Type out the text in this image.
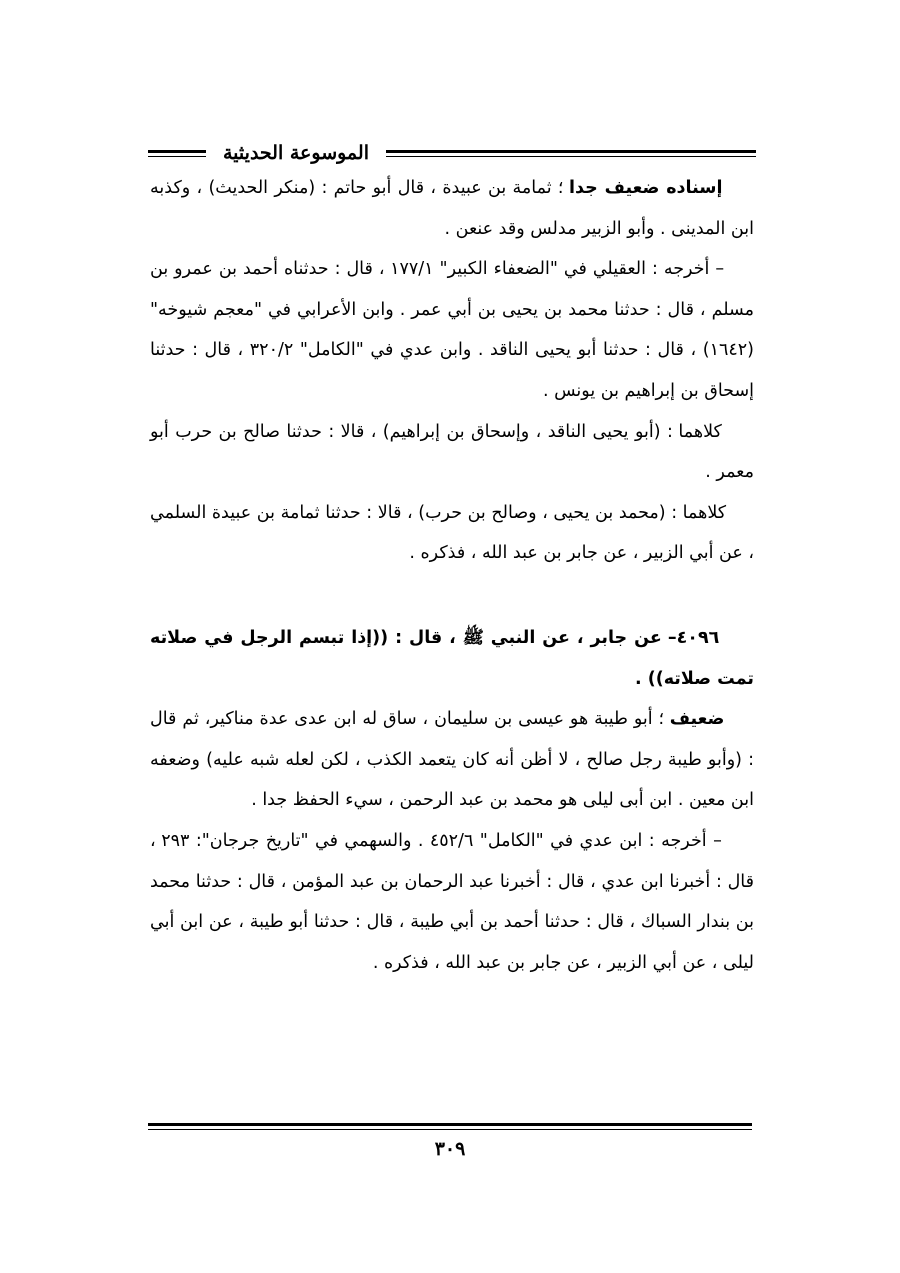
الموسوعة الحديثية

إسناده ضعيف جدا ؛ ثمامة بن عبيدة ، قال أبو حاتم : (منكر الحديث) ، وكذبه ابن المدينى . وأبو الزبير مدلس وقد عنعن .

– أخرجه : العقيلي في "الضعفاء الكبير" ١٧٧/١ ، قال : حدثناه أحمد بن عمرو بن مسلم ، قال : حدثنا محمد بن يحيى بن أبي عمر . وابن الأعرابي في "معجم شيوخه" (١٦٤٢) ، قال : حدثنا أبو يحيى الناقد . وابن عدي في "الكامل" ٣٢٠/٢ ، قال : حدثنا إسحاق بن إبراهيم بن يونس .

كلاهما : (أبو يحيى الناقد ، وإسحاق بن إبراهيم) ، قالا : حدثنا صالح بن حرب أبو معمر .

كلاهما : (محمد بن يحيى ، وصالح بن حرب) ، قالا : حدثنا ثمامة بن عبيدة السلمي ، عن أبي الزبير ، عن جابر بن عبد الله ، فذكره .

٤٠٩٦– عن جابر ، عن النبي ﷺ ، قال : ((إذا تبسم الرجل في صلاته تمت صلاته)) .

ضعيف ؛ أبو طيبة هو عيسى بن سليمان ، ساق له ابن عدى عدة مناكير، ثم قال : (وأبو طيبة رجل صالح ، لا أظن أنه كان يتعمد الكذب ، لكن لعله شبه عليه) وضعفه ابن معين . ابن أبى ليلى هو محمد بن عبد الرحمن ، سيء الحفظ جدا .

– أخرجه : ابن عدي في "الكامل" ٤٥٢/٦ . والسهمي في "تاريخ جرجان": ٢٩٣ ، قال : أخبرنا ابن عدي ، قال : أخبرنا عبد الرحمان بن عبد المؤمن ، قال : حدثنا محمد بن بندار السباك ، قال : حدثنا أحمد بن أبي طيبة ، قال : حدثنا أبو طيبة ، عن ابن أبي ليلى ، عن أبي الزبير ، عن جابر بن عبد الله ، فذكره .

٣٠٩
